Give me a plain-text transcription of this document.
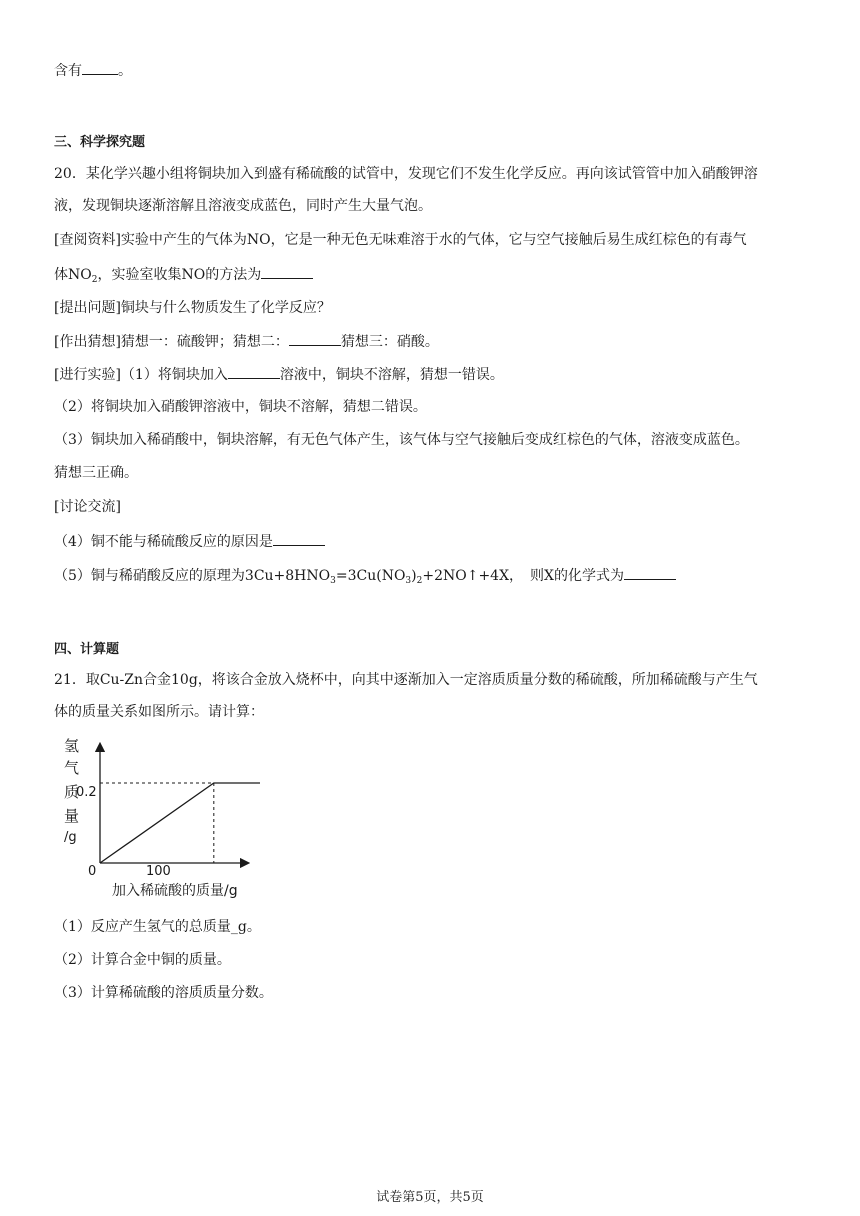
含有	。
三、科学探究题
20．某化学兴趣小组将铜块加入到盛有稀硫酸的试管中，发现它们不发生化学反应。再向该试管管中加入硝酸钾溶
液，发现铜块逐渐溶解且溶液变成蓝色，同时产生大量气泡。
[查阅资料]实验中产生的气体为NO，它是一种无色无味难溶于水的气体，它与空气接触后易生成红棕色的有毒气
体$NO_2$，实验室收集NO的方法为
[提出问题]铜块与什么物质发生了化学反应？
[作出猜想]猜想一：硫酸钾；猜想二：	猜想三：硝酸。
[进行实验]（1）将铜块加入	溶液中，铜块不溶解，猜想一错误。
（2）将铜块加入硝酸钾溶液中，铜块不溶解，猜想二错误。
（3）铜块加入稀硝酸中，铜块溶解，有无色气体产生，该气体与空气接触后变成红棕色的气体，溶液变成蓝色。
猜想三正确。
[讨论交流]
（4）铜不能与稀硫酸反应的原因是
（5）铜与稀硝酸反应的原理为$3Cu+8HNO_3=3Cu(NO_3)_2+2NO↑+4X$，　则X的化学式为
四、计算题
21．取Cu-Zn合金10g，将该合金放入烧杯中，向其中逐渐加入一定溶质质量分数的稀硫酸，所加稀硫酸与产生气
体的质量关系如图所示。请计算：
氢
气
质
量
/g
0
0.2
100
加入稀硫酸的质量/g
（1）反应产生氢气的总质量_g。
（2）计算合金中铜的质量。
（3）计算稀硫酸的溶质质量分数。
试卷第5页，共5页
